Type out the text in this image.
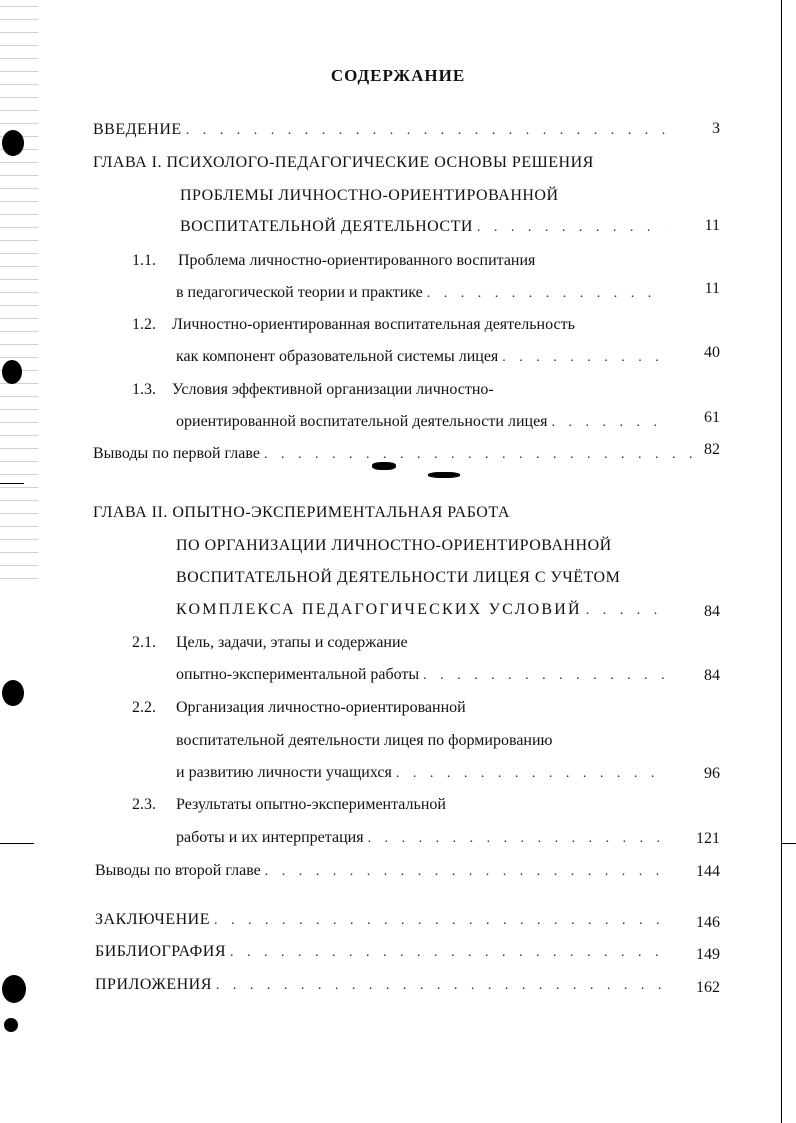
СОДЕРЖАНИЕ
ВВЕДЕНИЕ . . .	3
ГЛАВА I. ПСИХОЛОГО-ПЕДАГОГИЧЕСКИЕ ОСНОВЫ РЕШЕНИЯ
ПРОБЛЕМЫ ЛИЧНОСТНО-ОРИЕНТИРОВАННОЙ
ВОСПИТАТЕЛЬНОЙ ДЕЯТЕЛЬНОСТИ . . .	11
1.1.	Проблема личностно-ориентированного воспитания
в педагогической теории и практике . . .	11
1.2.	Личностно-ориентированная воспитательная деятельность
как компонент образовательной системы лицея . . .	40
1.3.	Условия эффективной организации личностно-
ориентированной воспитательной деятельности лицея . . .	61
Выводы по первой главе . . .	82
ГЛАВА II. ОПЫТНО-ЭКСПЕРИМЕНТАЛЬНАЯ РАБОТА
ПО ОРГАНИЗАЦИИ ЛИЧНОСТНО-ОРИЕНТИРОВАННОЙ
ВОСПИТАТЕЛЬНОЙ ДЕЯТЕЛЬНОСТИ ЛИЦЕЯ С УЧЁТОМ
КОМПЛЕКСА ПЕДАГОГИЧЕСКИХ УСЛОВИЙ . . .	84
2.1.	Цель, задачи, этапы и содержание
опытно-экспериментальной работы . . .	84
2.2.	Организация личностно-ориентированной
воспитательной деятельности лицея по формированию
и развитию личности учащихся . . .	96
2.3.	Результаты опытно-экспериментальной
работы и их интерпретация . . .	121
Выводы по второй главе . . .	144
ЗАКЛЮЧЕНИЕ . . .	146
БИБЛИОГРАФИЯ . . .	149
ПРИЛОЖЕНИЯ . . .	162
